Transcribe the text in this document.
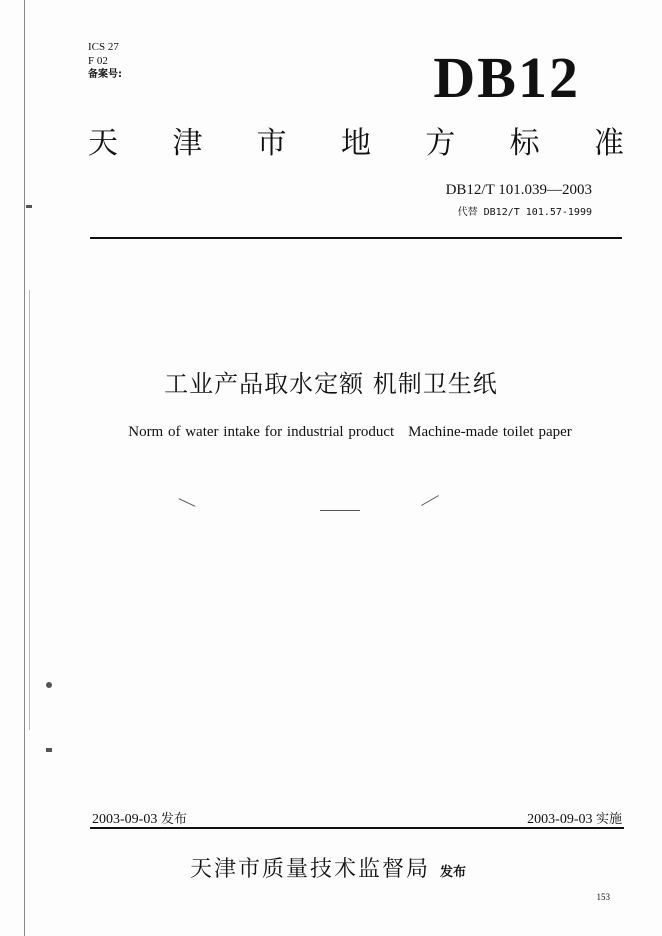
ICS 27
F 02
备案号:	DB12
天 津 市 地 方 标 准
DB12/T 101.039—2003
代替 DB12/T 101.57-1999
工业产品取水定额 机制卫生纸
Norm of water intake for industrial product Machine-made toilet paper
2003-09-03 发布	2003-09-03 实施
天津市质量技术监督局 发布
153
